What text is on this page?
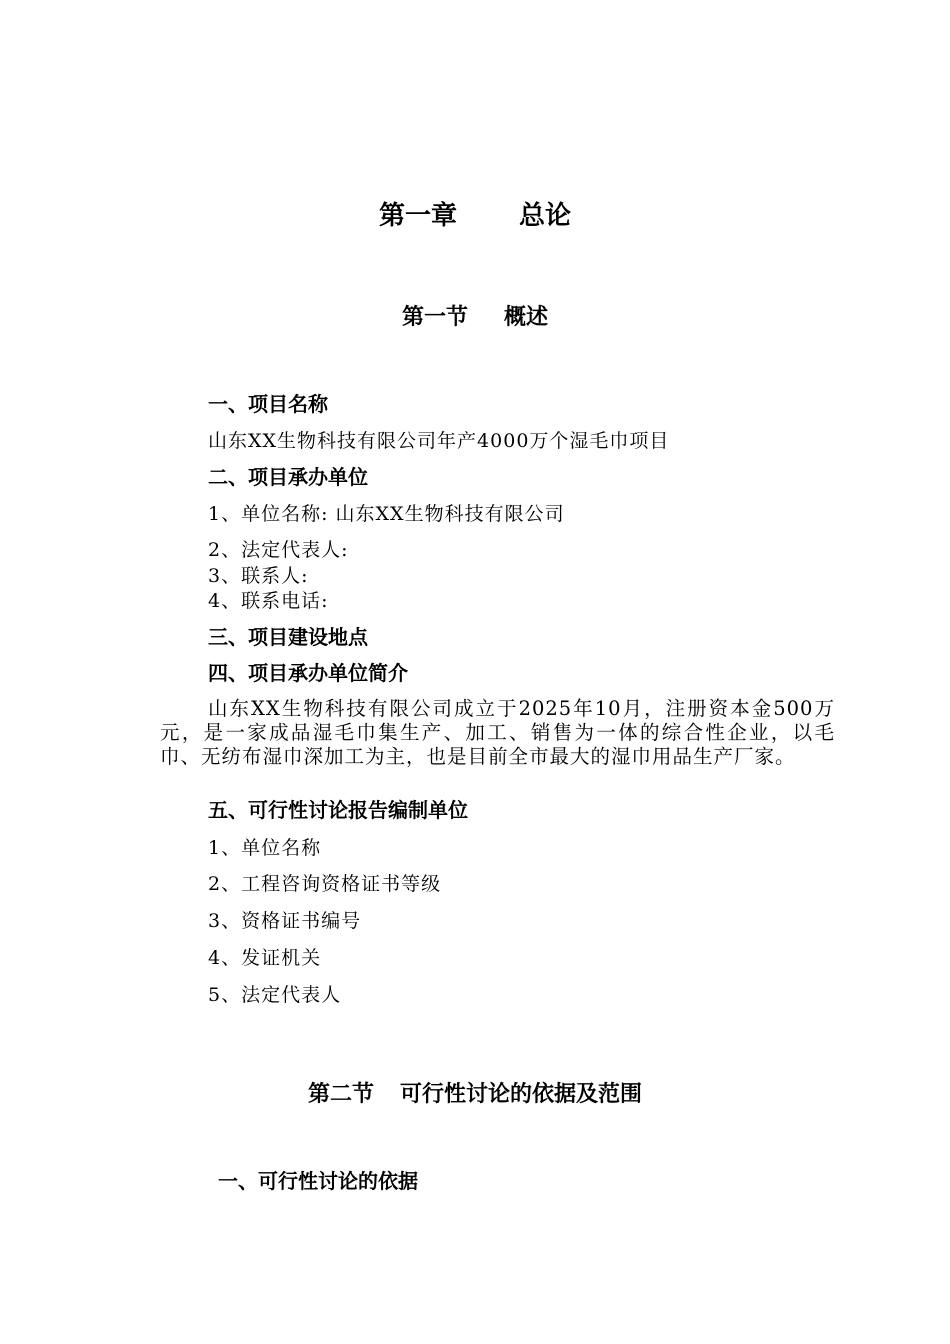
第一章 总论
第一节 概述
一、项目名称
山东XX生物科技有限公司年产4000万个湿毛巾项目
二、项目承办单位
1、单位名称: 山东XX生物科技有限公司
2、法定代表人:
3、联系人:
4、联系电话:
三、项目建设地点
四、项目承办单位简介
山东XX生物科技有限公司成立于2025年10月，注册资本金500万元，是一家成品湿毛巾集生产、加工、销售为一体的综合性企业，以毛巾、无纺布湿巾深加工为主，也是目前全市最大的湿巾用品生产厂家。
五、可行性讨论报告编制单位
1、单位名称
2、工程咨询资格证书等级
3、资格证书编号
4、发证机关
5、法定代表人
第二节 可行性讨论的依据及范围
一、可行性讨论的依据
